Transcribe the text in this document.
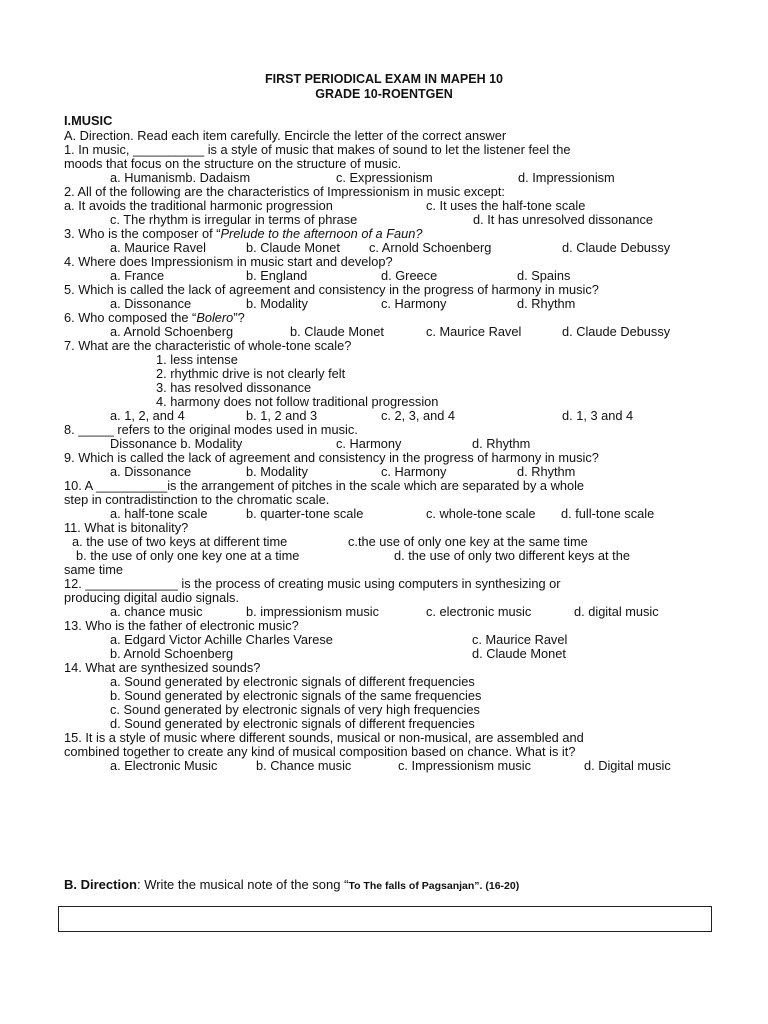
FIRST PERIODICAL EXAM IN MAPEH 10
GRADE 10-ROENTGEN
I.MUSIC
A. Direction. Read each item carefully. Encircle the letter of the correct answer
1. In music, __________ is a style of music that makes of sound to let the listener feel the
moods that focus on the structure on the structure of music.
a. Humanismb. Dadaism	c. Expressionism	d. Impressionism
2. All of the following are the characteristics of Impressionism in music except:
a. It avoids the traditional harmonic progression	c. It uses the half-tone scale
c. The rhythm is irregular in terms of phrase	d. It has unresolved dissonance
3. Who is the composer of “Prelude to the afternoon of a Faun?
a. Maurice Ravel	b. Claude Monet c. Arnold Schoenberg	d. Claude Debussy
4. Where does Impressionism in music start and develop?
a. France	b. England	d. Greece	d. Spains
5. Which is called the lack of agreement and consistency in the progress of harmony in music?
a. Dissonance	b. Modality	c. Harmony	d. Rhythm
6. Who composed the “Bolero”?
a. Arnold Schoenberg	b. Claude Monet	c. Maurice Ravel	d. Claude Debussy
7. What are the characteristic of whole-tone scale?
1. less intense
2. rhythmic drive is not clearly felt
3. has resolved dissonance
4. harmony does not follow traditional progression
a. 1, 2, and 4	b. 1, 2 and 3	c. 2, 3, and 4	d. 1, 3 and 4
8. _____ refers to the original modes used in music.
Dissonance b. Modality	c. Harmony	d. Rhythm
9. Which is called the lack of agreement and consistency in the progress of harmony in music?
a. Dissonance	b. Modality	c. Harmony	d. Rhythm
10. A __________is the arrangement of pitches in the scale which are separated by a whole
step in contradistinction to the chromatic scale.
a. half-tone scale	b. quarter-tone scale	c. whole-tone scale d. full-tone scale
11. What is bitonality?
a. the use of two keys at different time	c.the use of only one key at the same time
b. the use of only one key one at a time	d. the use of only two different keys at the
same time
12. _____________ is the process of creating music using computers in synthesizing or
producing digital audio signals.
a. chance music	b. impressionism music	c. electronic music	d. digital music
13. Who is the father of electronic music?
a. Edgard Victor Achille Charles Varese	c. Maurice Ravel
b. Arnold Schoenberg	d. Claude Monet
14. What are synthesized sounds?
a. Sound generated by electronic signals of different frequencies
b. Sound generated by electronic signals of the same frequencies
c. Sound generated by electronic signals of very high frequencies
d. Sound generated by electronic signals of different frequencies
15. It is a style of music where different sounds, musical or non-musical, are assembled and
combined together to create any kind of musical composition based on chance. What is it?
a. Electronic Music	b. Chance music	c. Impressionism music	d. Digital music
B. Direction: Write the musical note of the song “To The falls of Pagsanjan”. (16-20)
